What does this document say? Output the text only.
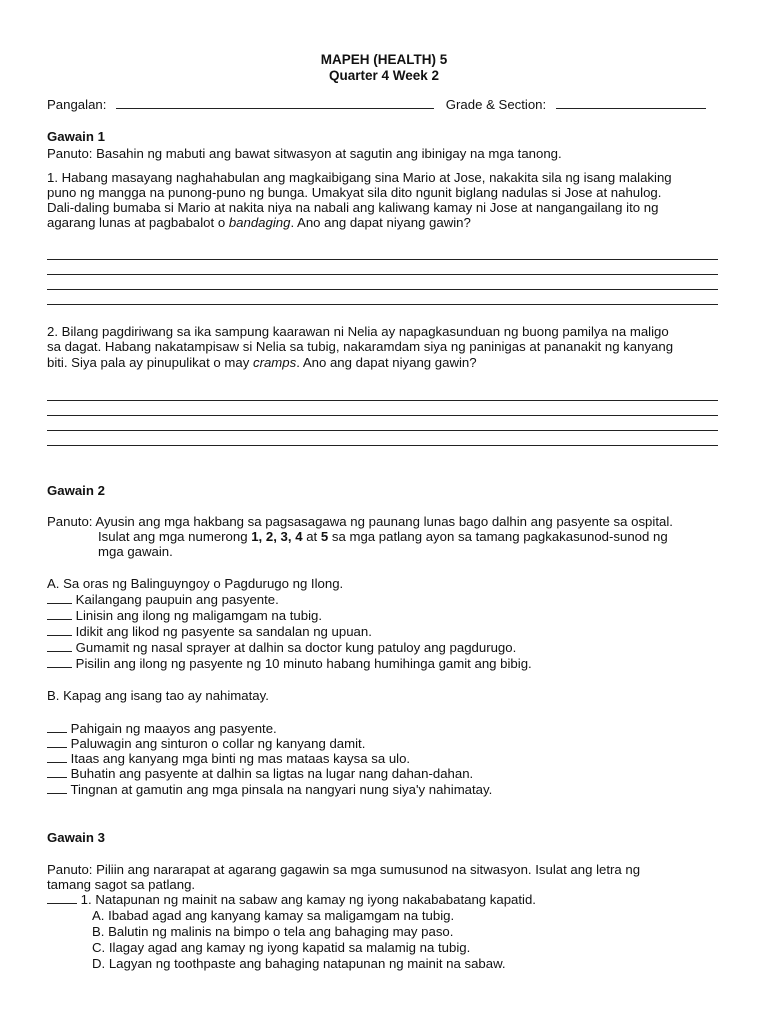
MAPEH (HEALTH) 5
Quarter 4 Week 2
Pangalan:	Grade & Section:
Gawain 1
Panuto: Basahin ng mabuti ang bawat sitwasyon at sagutin ang ibinigay na mga tanong.
1. Habang masayang naghahabulan ang magkaibigang sina Mario at Jose, nakakita sila ng isang malaking
puno ng mangga na punong-puno ng bunga. Umakyat sila dito ngunit biglang nadulas si Jose at nahulog.
Dali-daling bumaba si Mario at nakita niya na nabali ang kaliwang kamay ni Jose at nangangailang ito ng
agarang lunas at pagbabalot o bandaging. Ano ang dapat niyang gawin?
2. Bilang pagdiriwang sa ika sampung kaarawan ni Nelia ay napagkasunduan ng buong pamilya na maligo
sa dagat. Habang nakatampisaw si Nelia sa tubig, nakaramdam siya ng paninigas at pananakit ng kanyang
biti. Siya pala ay pinupulikat o may cramps. Ano ang dapat niyang gawin?
Gawain 2
Panuto: Ayusin ang mga hakbang sa pagsasagawa ng paunang lunas bago dalhin ang pasyente sa ospital.
Isulat ang mga numerong 1, 2, 3, 4 at 5 sa mga patlang ayon sa tamang pagkakasunod-sunod ng
mga gawain.
A. Sa oras ng Balinguyngoy o Pagdurugo ng Ilong.
Kailangang paupuin ang pasyente.
Linisin ang ilong ng maligamgam na tubig.
Idikit ang likod ng pasyente sa sandalan ng upuan.
Gumamit ng nasal sprayer at dalhin sa doctor kung patuloy ang pagdurugo.
Pisilin ang ilong ng pasyente ng 10 minuto habang humihinga gamit ang bibig.
B. Kapag ang isang tao ay nahimatay.
Pahigain ng maayos ang pasyente.
Paluwagin ang sinturon o collar ng kanyang damit.
Itaas ang kanyang mga binti ng mas mataas kaysa sa ulo.
Buhatin ang pasyente at dalhin sa ligtas na lugar nang dahan-dahan.
Tingnan at gamutin ang mga pinsala na nangyari nung siya'y nahimatay.
Gawain 3
Panuto: Piliin ang nararapat at agarang gagawin sa mga sumusunod na sitwasyon. Isulat ang letra ng
tamang sagot sa patlang.
1. Natapunan ng mainit na sabaw ang kamay ng iyong nakababatang kapatid.
A. Ibabad agad ang kanyang kamay sa maligamgam na tubig.
B. Balutin ng malinis na bimpo o tela ang bahaging may paso.
C. Ilagay agad ang kamay ng iyong kapatid sa malamig na tubig.
D. Lagyan ng toothpaste ang bahaging natapunan ng mainit na sabaw.
